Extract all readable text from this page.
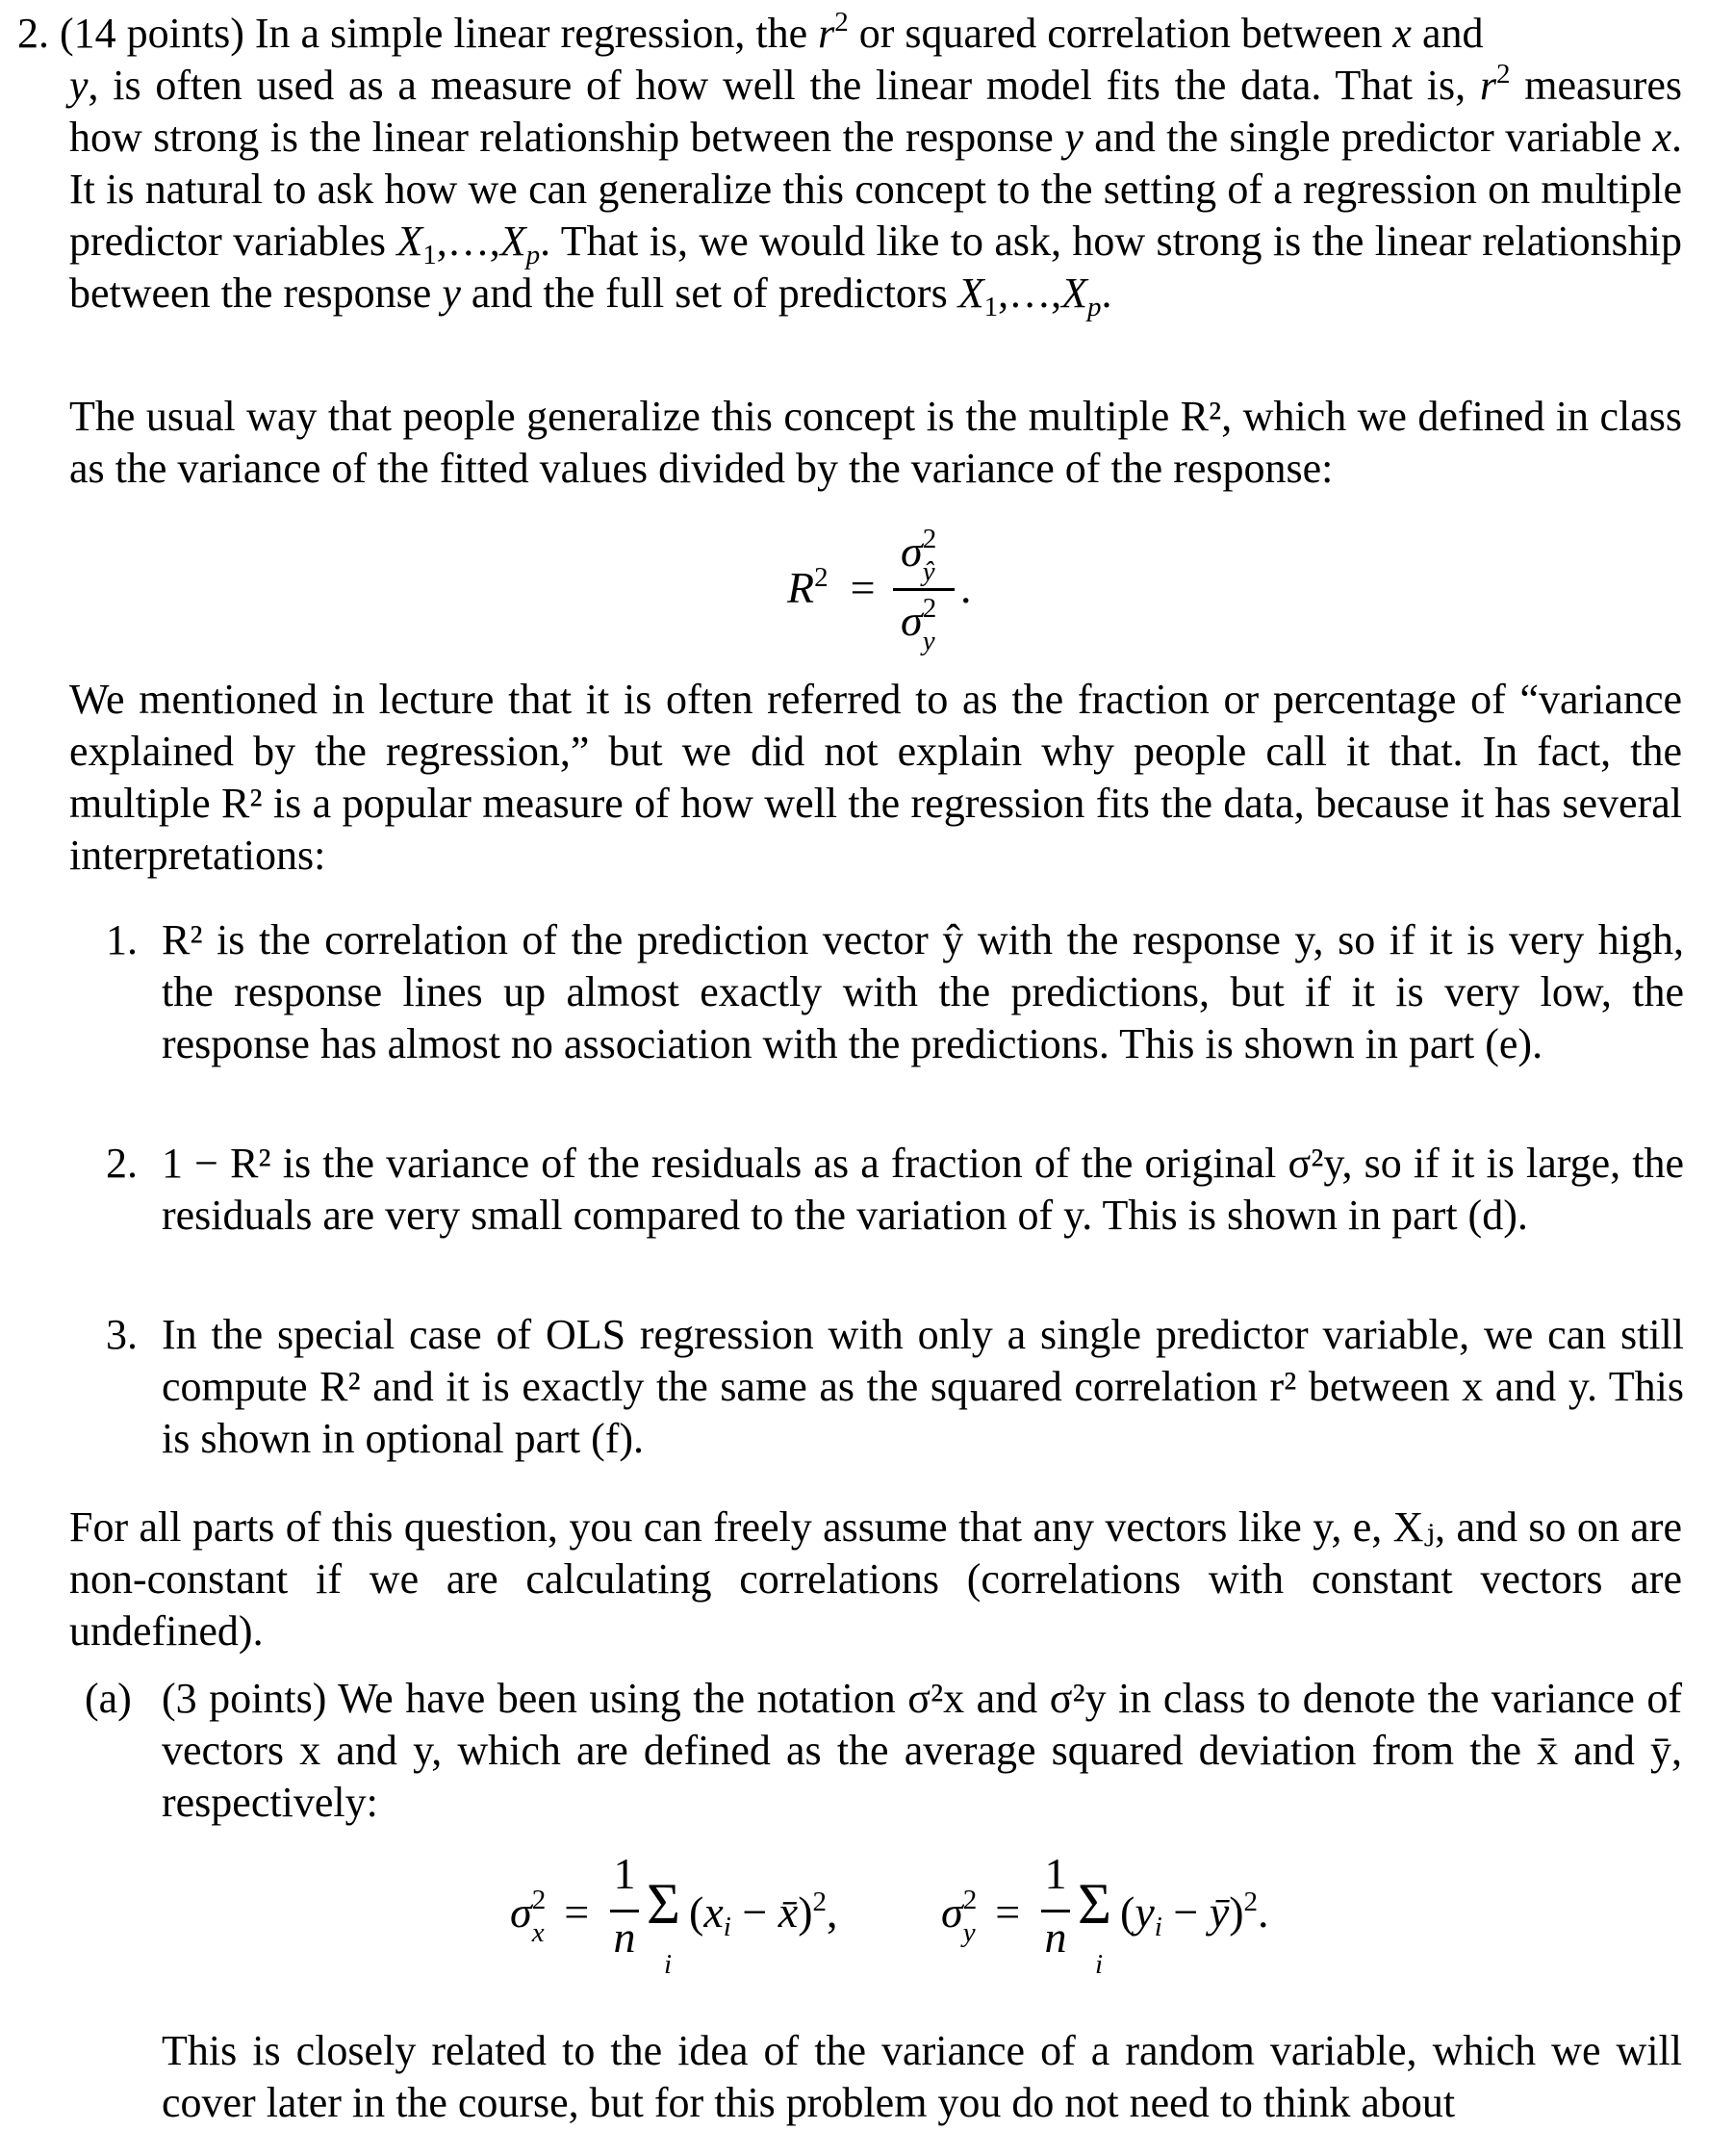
2. (14 points) In a simple linear regression, the $r^2$ or squared correlation between x and

y, is often used as a measure of how well the linear model fits the data. That is, $r^2$ measures how strong is the linear relationship between the response y and the single predictor variable x. It is natural to ask how we can generalize this concept to the setting of a regression on multiple predictor variables $X_1,\dots,X_p$. That is, we would like to ask, how strong is the linear relationship between the response y and the full set of predictors $X_1,\dots,X_p$.

The usual way that people generalize this concept is the multiple R², which we defined in class as the variance of the fitted values divided by the variance of the response:

$R^2$  =
σ 2
ŷ
σ 2
y
.

We mentioned in lecture that it is often referred to as the fraction or percentage of “variance explained by the regression,” but we did not explain why people call it that. In fact, the multiple R² is a popular measure of how well the regression fits the data, because it has several interpretations:

1. R² is the correlation of the prediction vector ŷ with the response y, so if it is very high, the response lines up almost exactly with the predictions, but if it is very low, the response has almost no association with the predictions. This is shown in part (e).

2. 1 − R² is the variance of the residuals as a fraction of the original σ²y, so if it is large, the residuals are very small compared to the variation of y. This is shown in part (d).

3. In the special case of OLS regression with only a single predictor variable, we can still compute R² and it is exactly the same as the squared correlation r² between x and y. This is shown in optional part (f).

For all parts of this question, you can freely assume that any vectors like y, e, Xⱼ, and so on are non-constant if we are calculating correlations (correlations with constant vectors are undefined).

(a) (3 points) We have been using the notation σ²x and σ²y in class to denote the variance of vectors x and y, which are defined as the average squared deviation from the x̄ and ȳ, respectively:

σ 2
x =
1
n
Σ
i
($x_i$ − x̄)$^2$, σ 2
y =
1
n
Σ
i
($y_i$ − ȳ)$^2$.

This is closely related to the idea of the variance of a random variable, which we will cover later in the course, but for this problem you do not need to think about
